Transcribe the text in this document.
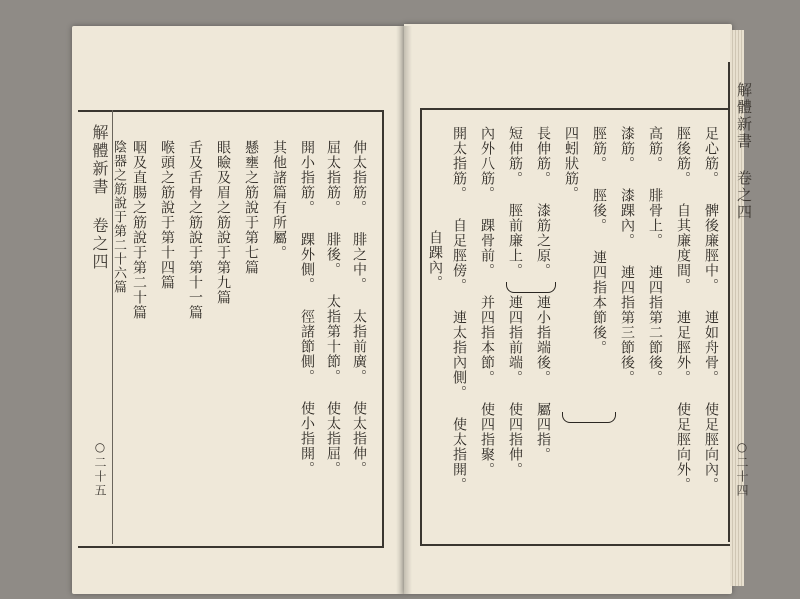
解體新書 卷之四
○二十五	伸太指筋。 腓之中。 太指前廣。 使太指伸。
屈太指筋。 腓後。 太指第十節。 使太指屈。
開小指筋。 踝外側。 徑諸節側。 使小指開。
其他諸篇有所屬。
懸壅之筋說于第七篇
眼瞼及眉之筋說于第九篇
舌及舌骨之筋說于第十一篇
喉頭之筋說于第十四篇
咽及直腸之筋說于第二十篇
陰器之筋說于第二十六篇	足心筋。 髀後廉脛中。 連如舟骨。 使足脛向內。
脛後筋。 自其廉度間。 連足脛外。 使足脛向外。
高筋。 腓骨上。 連四指第二節後。
漆筋。 漆踝內。 連四指第三節後。
脛筋。 脛後。 連四指本節後。
四蚓狀筋。
長伸筋。 漆筋之原。 連小指端後。 屬四指。
短伸筋。 脛前廉上。 連四指前端。 使四指伸。
內外八筋。 踝骨前。 并四指本節。 使四指聚。
開太指筋。 自足脛傍。 連太指內側。 使太指開。
自踝內。
解體新書 卷之四
○二十四
